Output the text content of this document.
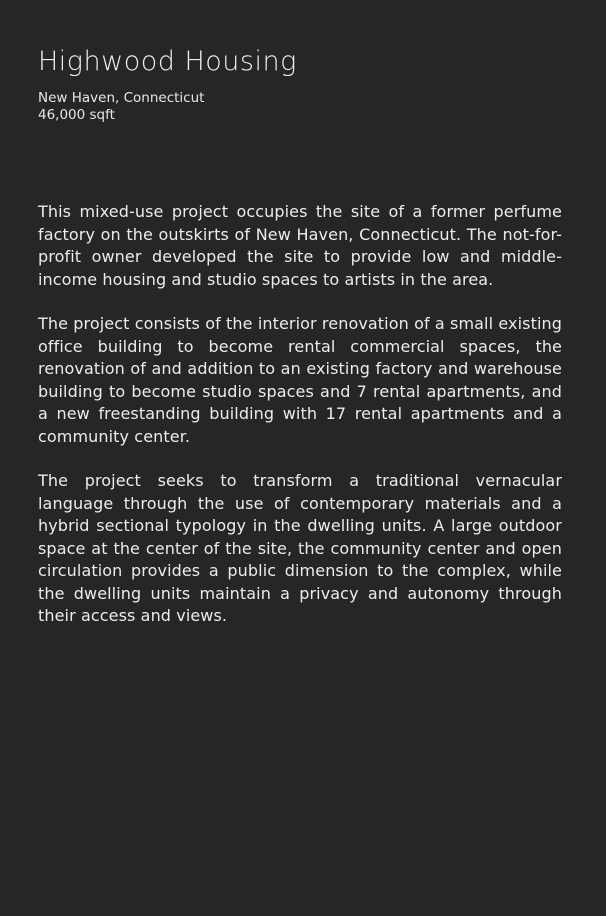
Highwood Housing
New Haven, Connecticut
46,000 sqft

This mixed-use project occupies the site of a former perfume factory on the outskirts of New Haven, Connecticut. The not-for-profit owner developed the site to provide low and middle-income housing and studio spaces to artists in the area.

The project consists of the interior renovation of a small existing office building to become rental commercial spaces, the renovation of and addition to an existing factory and warehouse building to become studio spaces and 7 rental apartments, and a new freestanding building with 17 rental apartments and a community center.

The project seeks to transform a traditional vernacular language through the use of contemporary materials and a hybrid sectional typology in the dwelling units. A large outdoor space at the center of the site, the community center and open circulation provides a public dimension to the complex, while the dwelling units maintain a privacy and autonomy through their access and views.
